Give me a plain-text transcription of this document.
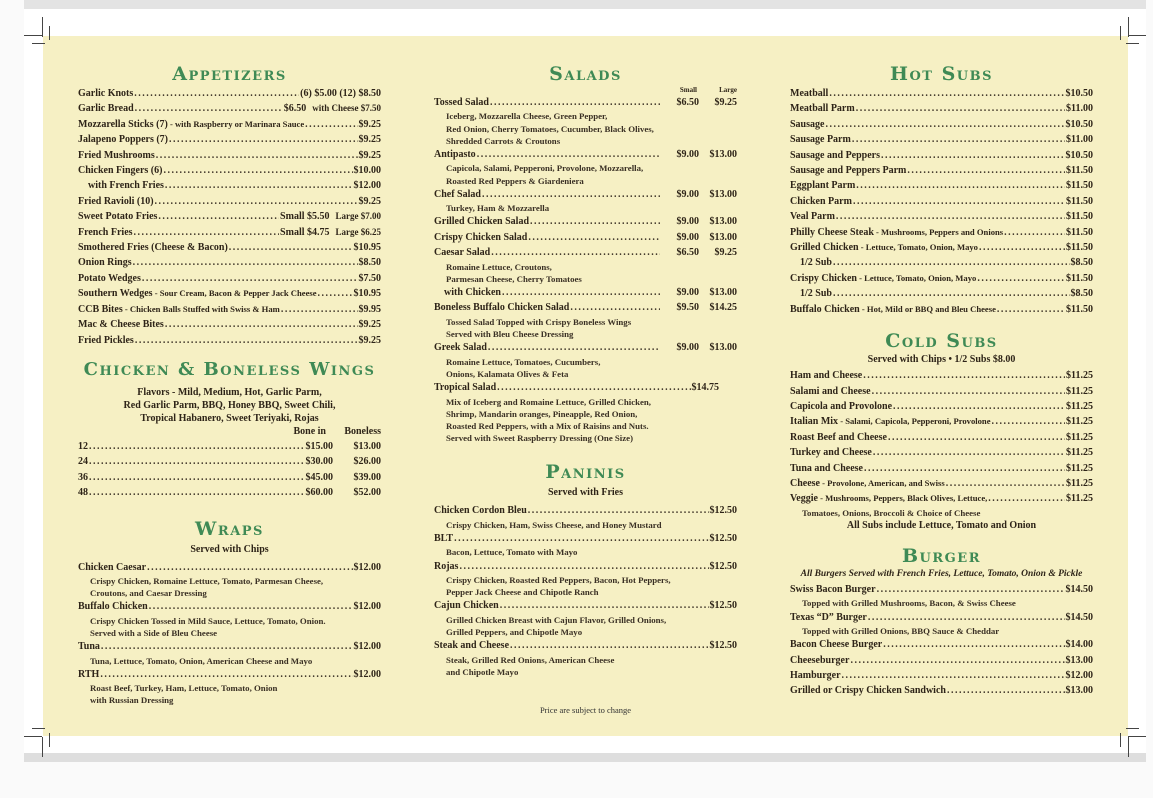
Appetizers
Garlic Knots . . .	(6) $5.00 (12) $8.50
Garlic Bread . . .	$6.50 with Cheese $7.50
Mozzarella Sticks (7) - with Raspberry or Marinara Sauce . . .	$9.25
Jalapeno Poppers (7) . . .	$9.25
Fried Mushrooms . . .	$9.25
Chicken Fingers (6) . . .	$10.00
with French Fries . . .	$12.00
Fried Ravioli (10) . . .	$9.25
Sweet Potato Fries . . .	Small $5.50 Large $7.00
French Fries . . .	Small $4.75 Large $6.25
Smothered Fries (Cheese & Bacon) . . .	$10.95
Onion Rings . . .	$8.50
Potato Wedges . . .	$7.50
Southern Wedges - Sour Cream, Bacon & Pepper Jack Cheese . . .	$10.95
CCB Bites - Chicken Balls Stuffed with Swiss & Ham . . .	$9.95
Mac & Cheese Bites . . .	$9.25
Fried Pickles . . .	$9.25
Chicken & Boneless Wings
Flavors - Mild, Medium, Hot, Garlic Parm,
Red Garlic Parm, BBQ, Honey BBQ, Sweet Chili,
Tropical Habanero, Sweet Teriyaki, Rojas
Bone in	Boneless
12 . . .	$15.00	$13.00
24 . . .	$30.00	$26.00
36 . . .	$45.00	$39.00
48 . . .	$60.00	$52.00
Wraps
Served with Chips
Chicken Caesar . . .	$12.00
Crispy Chicken, Romaine Lettuce, Tomato, Parmesan Cheese,
Croutons, and Caesar Dressing
Buffalo Chicken . . .	$12.00
Crispy Chicken Tossed in Mild Sauce, Lettuce, Tomato, Onion.
Served with a Side of Bleu Cheese
Tuna . . .	$12.00
Tuna, Lettuce, Tomato, Onion, American Cheese and Mayo
RTH . . .	$12.00
Roast Beef, Turkey, Ham, Lettuce, Tomato, Onion
with Russian Dressing
Salads
Small	Large
Tossed Salad . . .	$6.50	$9.25
Iceberg, Mozzarella Cheese, Green Pepper,
Red Onion, Cherry Tomatoes, Cucumber, Black Olives,
Shredded Carrots & Croutons
Antipasto . . .	$9.00	$13.00
Capicola, Salami, Pepperoni, Provolone, Mozzarella,
Roasted Red Peppers & Giardeniera
Chef Salad . . .	$9.00	$13.00
Turkey, Ham & Mozzarella
Grilled Chicken Salad . . .	$9.00	$13.00
Crispy Chicken Salad . . .	$9.00	$13.00
Caesar Salad . . .	$6.50	$9.25
Romaine Lettuce, Croutons,
Parmesan Cheese, Cherry Tomatoes
with Chicken . . .	$9.00	$13.00
Boneless Buffalo Chicken Salad . . .	$9.50	$14.25
Tossed Salad Topped with Crispy Boneless Wings
Served with Bleu Cheese Dressing
Greek Salad . . .	$9.00	$13.00
Romaine Lettuce, Tomatoes, Cucumbers,
Onions, Kalamata Olives & Feta
Tropical Salad . . .	$14.75
Mix of Iceberg and Romaine Lettuce, Grilled Chicken,
Shrimp, Mandarin oranges, Pineapple, Red Onion,
Roasted Red Peppers, with a Mix of Raisins and Nuts.
Served with Sweet Raspberry Dressing (One Size)
Paninis
Served with Fries
Chicken Cordon Bleu . . .	$12.50
Crispy Chicken, Ham, Swiss Cheese, and Honey Mustard
BLT . . .	$12.50
Bacon, Lettuce, Tomato with Mayo
Rojas . . .	$12.50
Crispy Chicken, Roasted Red Peppers, Bacon, Hot Peppers,
Pepper Jack Cheese and Chipotle Ranch
Cajun Chicken . . .	$12.50
Grilled Chicken Breast with Cajun Flavor, Grilled Onions,
Grilled Peppers, and Chipotle Mayo
Steak and Cheese . . .	$12.50
Steak, Grilled Red Onions, American Cheese
and Chipotle Mayo
Price are subject to change
Hot Subs
Meatball . . .	$10.50
Meatball Parm . . .	$11.00
Sausage . . .	$10.50
Sausage Parm . . .	$11.00
Sausage and Peppers . . .	$10.50
Sausage and Peppers Parm . . .	$11.50
Eggplant Parm . . .	$11.50
Chicken Parm . . .	$11.50
Veal Parm . . .	$11.50
Philly Cheese Steak - Mushrooms, Peppers and Onions . . .	$11.50
Grilled Chicken - Lettuce, Tomato, Onion, Mayo . . .	$11.50
1/2 Sub . . .	$8.50
Crispy Chicken - Lettuce, Tomato, Onion, Mayo . . .	$11.50
1/2 Sub . . .	$8.50
Buffalo Chicken - Hot, Mild or BBQ and Bleu Cheese . . .	$11.50
Cold Subs
Served with Chips • 1/2 Subs $8.00
Ham and Cheese . . .	$11.25
Salami and Cheese . . .	$11.25
Capicola and Provolone . . .	$11.25
Italian Mix - Salami, Capicola, Pepperoni, Provolone . . .	$11.25
Roast Beef and Cheese . . .	$11.25
Turkey and Cheese . . .	$11.25
Tuna and Cheese . . .	$11.25
Cheese - Provolone, American, and Swiss . . .	$11.25
Veggie - Mushrooms, Peppers, Black Olives, Lettuce, . . .	$11.25
Tomatoes, Onions, Broccoli & Choice of Cheese
All Subs include Lettuce, Tomato and Onion
Burger
All Burgers Served with French Fries, Lettuce, Tomato, Onion & Pickle
Swiss Bacon Burger . . .	$14.50
Topped with Grilled Mushrooms, Bacon, & Swiss Cheese
Texas “D” Burger . . .	$14.50
Topped with Grilled Onions, BBQ Sauce & Cheddar
Bacon Cheese Burger . . .	$14.00
Cheeseburger . . .	$13.00
Hamburger . . .	$12.00
Grilled or Crispy Chicken Sandwich . . .	$13.00
